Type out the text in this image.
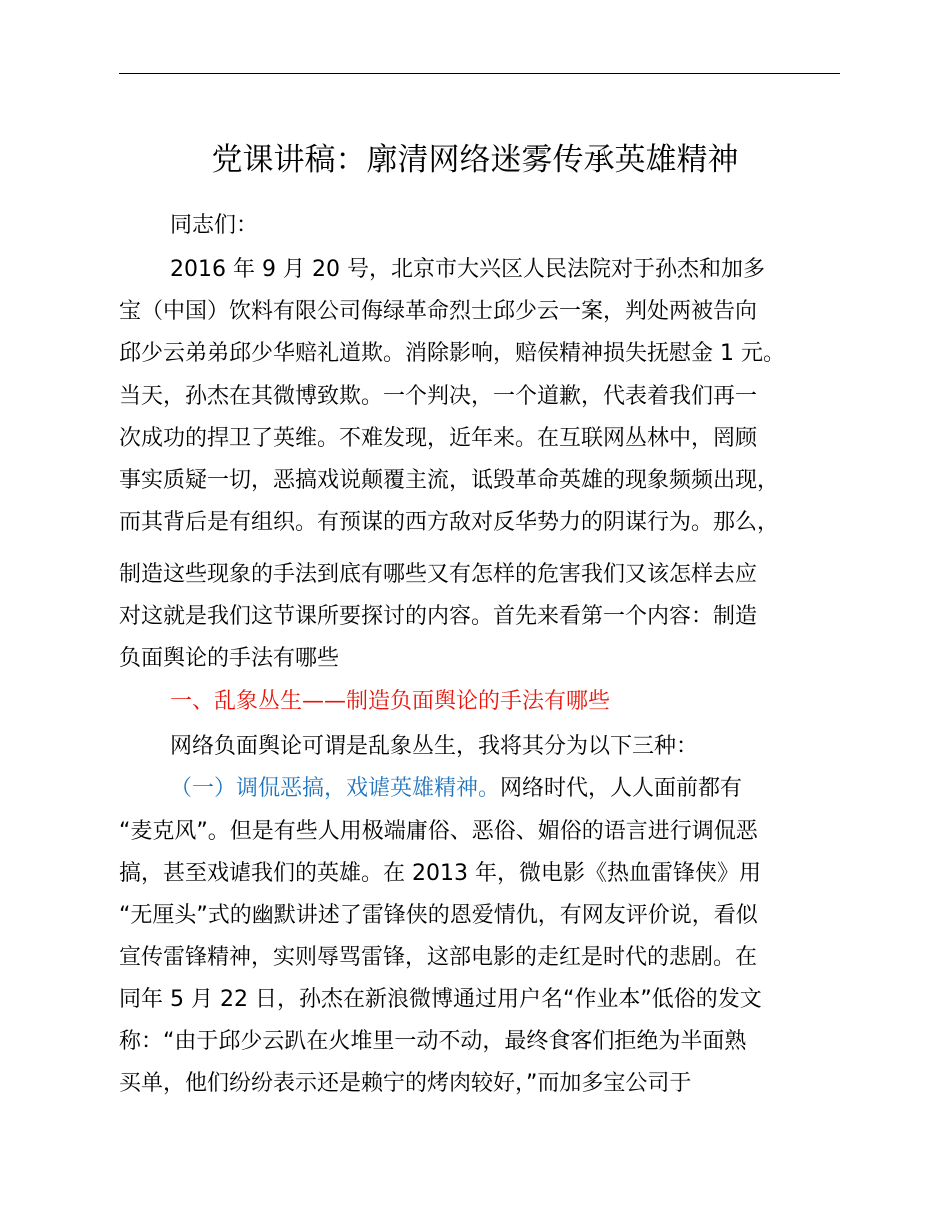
党课讲稿：廓清网络迷雾传承英雄精神
同志们：
2016 年 9 月 20 号，北京市大兴区人民法院对于孙杰和加多
宝（中国）饮料有限公司侮绿革命烈士邱少云一案，判处两被告向
邱少云弟弟邱少华赔礼道欺。消除影响，赔侯精神损失抚慰金 1 元。
当天，孙杰在其微博致欺。一个判决，一个道歉，代表着我们再一
次成功的捍卫了英维。不难发现，近年来。在互联网丛林中，罔顾
事实质疑一切，恶搞戏说颠覆主流，诋毁革命英雄的现象频频出现，
而其背后是有组织。有预谋的西方敌对反华势力的阴谋行为。那么，
制造这些现象的手法到底有哪些又有怎样的危害我们又该怎样去应
对这就是我们这节课所要探讨的内容。首先来看第一个内容：制造
负面舆论的手法有哪些
一、乱象丛生——制造负面舆论的手法有哪些
网络负面舆论可谓是乱象丛生，我将其分为以下三种：
（一）调侃恶搞，戏谑英雄精神。网络时代，人人面前都有
“麦克风”。但是有些人用极端庸俗、恶俗、媚俗的语言进行调侃恶
搞，甚至戏谑我们的英雄。在 2013 年，微电影《热血雷锋侠》用
“无厘头”式的幽默讲述了雷锋侠的恩爱情仇，有网友评价说，看似
宣传雷锋精神，实则辱骂雷锋，这部电影的走红是时代的悲剧。在
同年 5 月 22 日，孙杰在新浪微博通过用户名“作业本”低俗的发文
称：“由于邱少云趴在火堆里一动不动，最终食客们拒绝为半面熟
买单，他们纷纷表示还是赖宁的烤肉较好，”而加多宝公司于
